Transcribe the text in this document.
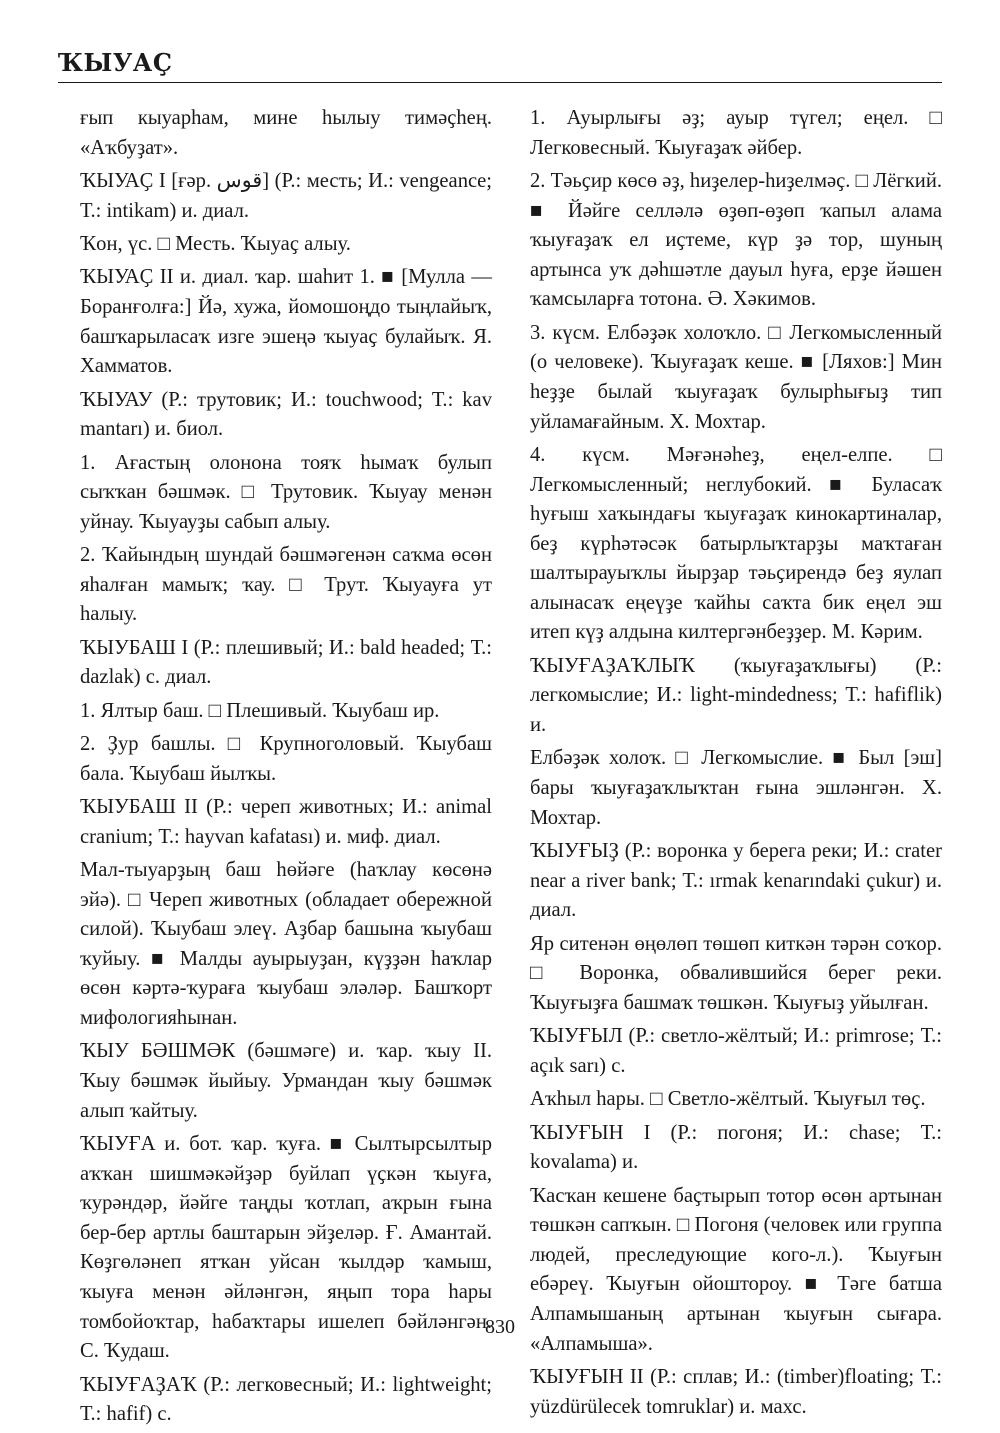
ҠЫУАҪ

ғып кыуарһам, мине һылыу тимәҫһең. «Аҡбуҙат».

ҠЫУАҪ I [ғәр. قوس] (Р.: месть; И.: vengeance; Т.: intikam) и. диал.

Ҡон, үс. □ Месть. Ҡыуаҫ алыу.

ҠЫУАҪ II и. диал. ҡар. шаһит 1. ■ [Мулла — Боранғолға:] Йә, хужа, йомошоңдо тыңлайыҡ, башҡарыласаҡ изге эшеңә ҡыуаҫ булайыҡ. Я. Хамматов.

ҠЫУАУ (Р.: трутовик; И.: touchwood; Т.: kav mantarı) и. биол.

1. Ағастың олонона тояҡ һымаҡ булып сыҡҡан бәшмәк. □ Трутовик. Ҡыуау менән уйнау. Ҡыуауҙы сабып алыу.

2. Ҡайындың шундай бәшмәгенән саҡма өсөн яһалған мамыҡ; ҡау. □ Трут. Ҡыуауға ут һалыу.

ҠЫУБАШ I (Р.: плешивый; И.: bald headed; Т.: dazlak) с. диал.

1. Ялтыр баш. □ Плешивый. Ҡыубаш ир.

2. Ҙур башлы. □ Крупноголовый. Ҡыубаш бала. Ҡыубаш йылҡы.

ҠЫУБАШ II (Р.: череп животных; И.: animal cranium; Т.: hayvan kafatası) и. миф. диал.

Мал-тыуарҙың баш һөйәге (һаҡлау көсөнә эйә). □ Череп животных (обладает обережной силой). Ҡыубаш элеү. Аҙбар башына ҡыубаш ҡуйыу. ■ Малды ауырыуҙан, күҙҙән һаҡлар өсөн кәртә-ҡураға ҡыубаш эләләр. Башҡорт мифологияһынан.

ҠЫУ БӘШМӘК (бәшмәге) и. ҡар. ҡыу II. Ҡыу бәшмәк йыйыу. Урмандан ҡыу бәшмәк алып ҡайтыу.

ҠЫУҒА и. бот. ҡар. ҡуға. ■ Сылтырсылтыр аҡҡан шишмәкәйҙәр буйлап үҫкән ҡыуға, ҡурәндәр, йәйге таңды ҡотлап, аҡрын ғына бер-бер артлы баштарын эйҙеләр. Ғ. Амантай. Көҙгөләнеп ятҡан уйсан ҡылдәр ҡамыш, ҡыуға менән әйләнгән, яңып тора һары томбойоҡтар, һабаҡтары ишелеп бәйләнгән. С. Ҡудаш.

ҠЫУҒАҘАҠ (Р.: легковесный; И.: lightweight; Т.: hafif) с.

1. Ауырлығы әҙ; ауыр түгел; еңел. □ Легковесный. Ҡыуғаҙаҡ әйбер.

2. Тәьҫир көсө әҙ, һиҙелер-һиҙелмәҫ. □ Лёгкий. ■ Йәйге селләлә өҙөп-өҙөп ҡапыл алама ҡыуғаҙаҡ ел иҫтеме, күр ҙә тор, шуның артынса уҡ дәһшәтле дауыл һуға, ерҙе йәшен ҡамсыларға тотона. Ә. Хәкимов.

3. күсм. Елбәҙәк холоҡло. □ Легкомысленный (о человеке). Ҡыуғаҙаҡ кеше. ■ [Ляхов:] Мин һеҙҙе былай ҡыуғаҙаҡ булырһығыҙ тип уйламағайным. Х. Мохтар.

4. күсм. Мәғәнәһеҙ, еңел-елпе. □ Легкомысленный; неглубокий. ■ Буласаҡ һуғыш хаҡындағы ҡыуғаҙаҡ кинокартиналар, беҙ күрһәтәсәк батырлыҡтарҙы маҡтаған шалтырауыҡлы йырҙар тәьҫирендә беҙ яулап алынасаҡ еңеүҙе ҡайһы саҡта бик еңел эш итеп күҙ алдына килтергәнбеҙҙер. М. Кәрим.

ҠЫУҒАҘАҠЛЫҠ (ҡыуғаҙаҡлығы) (Р.: легкомыслие; И.: light-mindedness; Т.: hafiflik) и.

Елбәҙәк холоҡ. □ Легкомыслие. ■ Был [эш] бары ҡыуғаҙаҡлыҡтан ғына эшләнгән. Х. Мохтар.

ҠЫУҒЫҘ (Р.: воронка у берега реки; И.: crater near a river bank; Т.: ırmak kenarındaki çukur) и. диал.

Яр ситенән өңөлөп төшөп киткән тәрән соҡор. □ Воронка, обвалившийся берег реки. Ҡыуғыҙға башмаҡ төшкән. Ҡыуғыҙ уйылған.

ҠЫУҒЫЛ (Р.: светло-жёлтый; И.: primrose; Т.: açık sarı) с.

Аҡһыл һары. □ Светло-жёлтый. Ҡыуғыл төҫ.

ҠЫУҒЫН I (Р.: погоня; И.: chase; Т.: kovalama) и.

Ҡасҡан кешене баҫтырып тотор өсөн артынан төшкән сапҡын. □ Погоня (человек или группа людей, преследующие кого-л.). Ҡыуғын ебәреү. Ҡыуғын ойоштороу. ■ Тәге батша Алпамышаның артынан ҡыуғын сығара. «Алпамыша».

ҠЫУҒЫН II (Р.: сплав; И.: (timber)floating; Т.: yüzdürülecek tomruklar) и. махс.

830
